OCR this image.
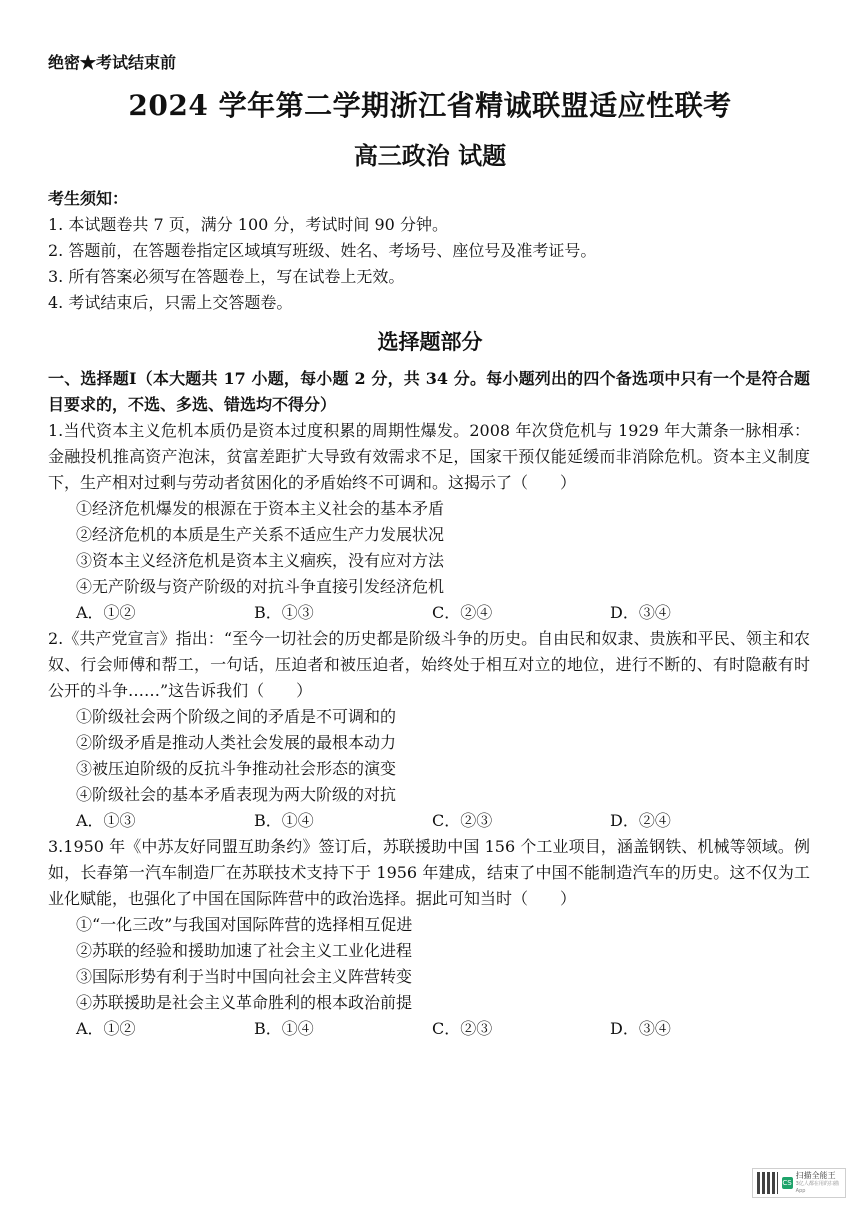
绝密★考试结束前
2024 学年第二学期浙江省精诚联盟适应性联考
高三政治 试题
考生须知：
1. 本试题卷共 7 页，满分 100 分，考试时间 90 分钟。
2. 答题前，在答题卷指定区域填写班级、姓名、考场号、座位号及准考证号。
3. 所有答案必须写在答题卷上，写在试卷上无效。
4. 考试结束后，只需上交答题卷。
选择题部分

一、选择题Ⅰ（本大题共 17 小题，每小题 2 分，共 34 分。每小题列出的四个备选项中只有一个是符合题目要求的，不选、多选、错选均不得分）

1.当代资本主义危机本质仍是资本过度积累的周期性爆发。2008 年次贷危机与 1929 年大萧条一脉相承：金融投机推高资产泡沫，贫富差距扩大导致有效需求不足，国家干预仅能延缓而非消除危机。资本主义制度下，生产相对过剩与劳动者贫困化的矛盾始终不可调和。这揭示了（　　）

①经济危机爆发的根源在于资本主义社会的基本矛盾
②经济危机的本质是生产关系不适应生产力发展状况
③资本主义经济危机是资本主义痼疾，没有应对方法
④无产阶级与资产阶级的对抗斗争直接引发经济危机
A．①②	B．①③	C．②④	D．③④

2.《共产党宣言》指出：“至今一切社会的历史都是阶级斗争的历史。自由民和奴隶、贵族和平民、领主和农奴、行会师傅和帮工，一句话，压迫者和被压迫者，始终处于相互对立的地位，进行不断的、有时隐蔽有时公开的斗争……”这告诉我们（　　）

①阶级社会两个阶级之间的矛盾是不可调和的
②阶级矛盾是推动人类社会发展的最根本动力
③被压迫阶级的反抗斗争推动社会形态的演变
④阶级社会的基本矛盾表现为两大阶级的对抗
A．①③	B．①④	C．②③	D．②④

3.1950 年《中苏友好同盟互助条约》签订后，苏联援助中国 156 个工业项目，涵盖钢铁、机械等领域。例如，长春第一汽车制造厂在苏联技术支持下于 1956 年建成，结束了中国不能制造汽车的历史。这不仅为工业化赋能，也强化了中国在国际阵营中的政治选择。据此可知当时（　　）

①“一化三改”与我国对国际阵营的选择相互促进
②苏联的经验和援助加速了社会主义工业化进程
③国际形势有利于当时中国向社会主义阵营转变
④苏联援助是社会主义革命胜利的根本政治前提
A．①②	B．①④	C．②③	D．③④
CS
扫描全能王
3亿人都在用的扫描App
